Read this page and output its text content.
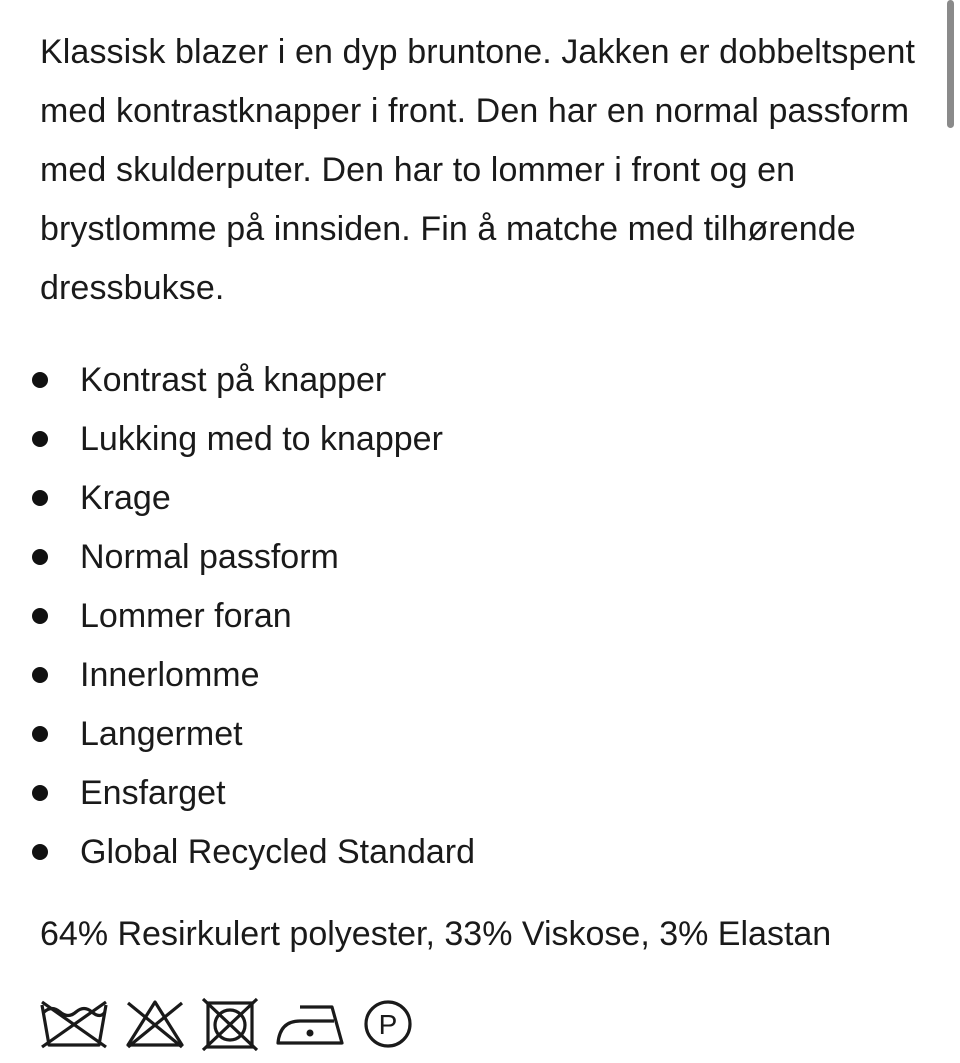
Klassisk blazer i en dyp bruntone. Jakken er dobbeltspent med kontrastknapper i front. Den har en normal passform med skulderputer. Den har to lommer i front og en brystlomme på innsiden. Fin å matche med tilhørende dressbukse.

Kontrast på knapper
Lukking med to knapper
Krage
Normal passform
Lommer foran
Innerlomme
Langermet
Ensfarget
Global Recycled Standard

64% Resirkulert polyester, 33% Viskose, 3% Elastan

P
